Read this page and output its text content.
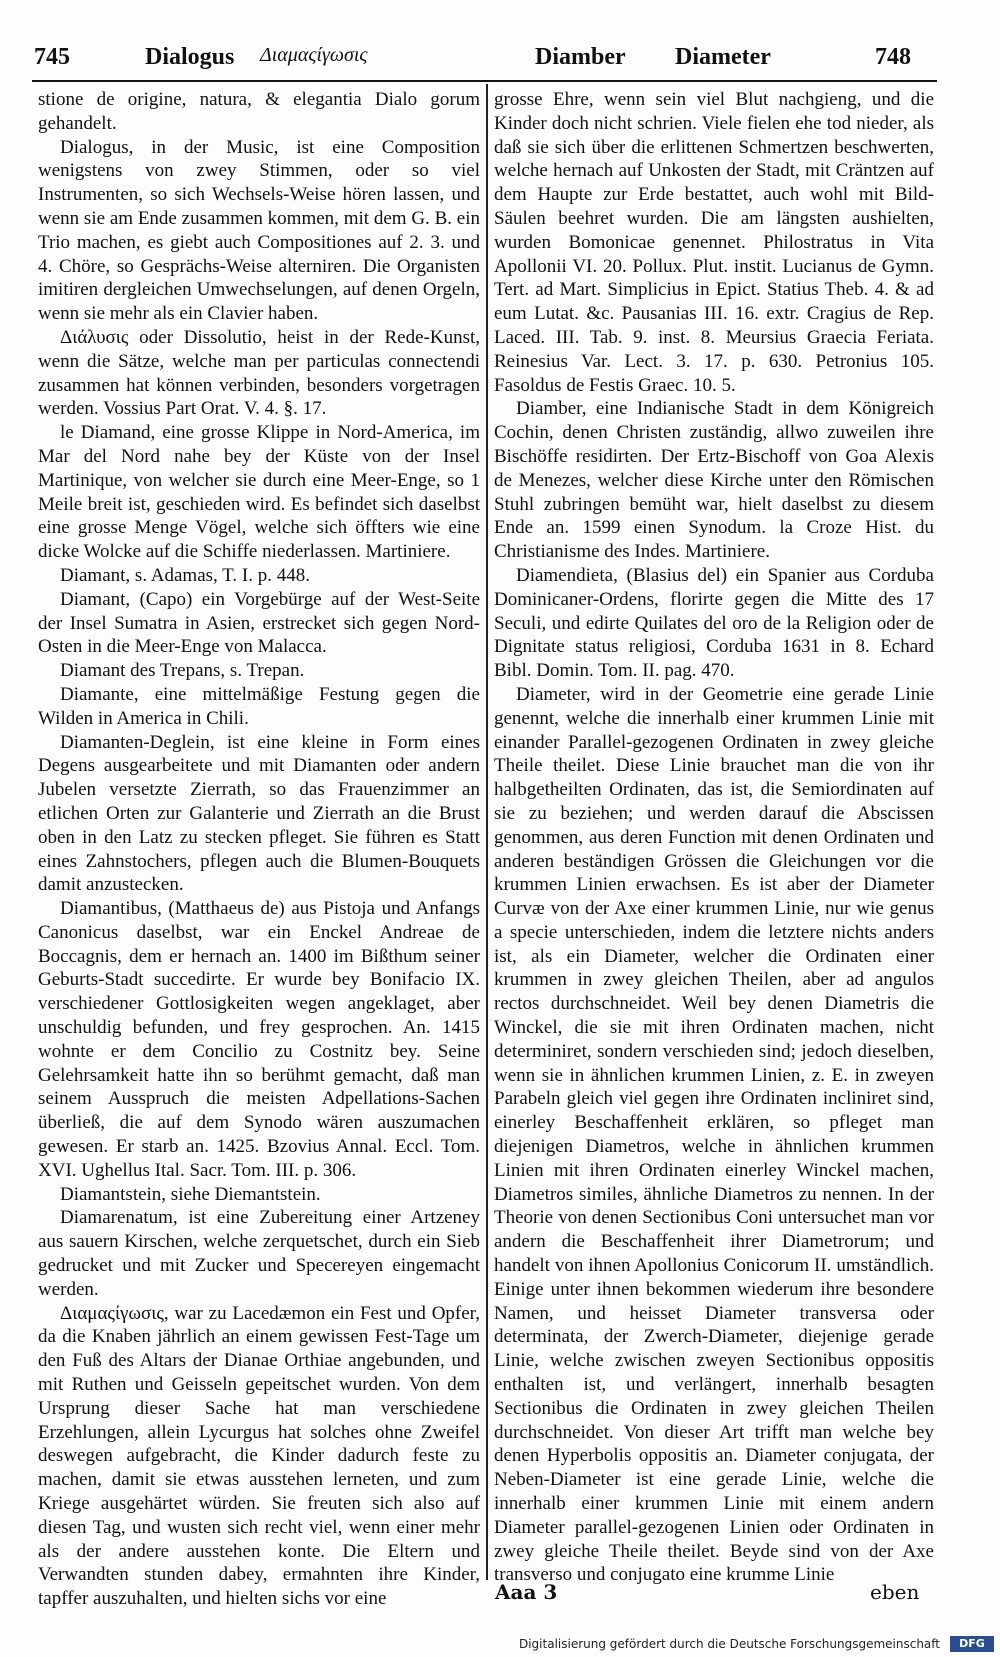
745	Dialogus Διαμαςίγωσις	Diamber Diameter	748

stione de origine, natura, & elegantia Dialo gorum gehandelt.

Dialogus, in der Music, ist eine Composition wenigstens von zwey Stimmen, oder so viel Instrumenten, so sich Wechsels-Weise hören lassen, und wenn sie am Ende zusammen kommen, mit dem G. B. ein Trio machen, es giebt auch Compositiones auf 2. 3. und 4. Chöre, so Gesprächs-Weise alterniren. Die Organisten imitiren dergleichen Umwechselungen, auf denen Orgeln, wenn sie mehr als ein Clavier haben.

Διάλυσις oder Dissolutio, heist in der Rede-Kunst, wenn die Sätze, welche man per particulas connectendi zusammen hat können verbinden, besonders vorgetragen werden. Vossius Part Orat. V. 4. §. 17.

le Diamand, eine grosse Klippe in Nord-America, im Mar del Nord nahe bey der Küste von der Insel Martinique, von welcher sie durch eine Meer-Enge, so 1 Meile breit ist, geschieden wird. Es befindet sich daselbst eine grosse Menge Vögel, welche sich öffters wie eine dicke Wolcke auf die Schiffe niederlassen. Martiniere.

Diamant, s. Adamas, T. I. p. 448.

Diamant, (Capo) ein Vorgebürge auf der West-Seite der Insel Sumatra in Asien, erstrecket sich gegen Nord-Osten in die Meer-Enge von Malacca.

Diamant des Trepans, s. Trepan.

Diamante, eine mittelmäßige Festung gegen die Wilden in America in Chili.

Diamanten-Deglein, ist eine kleine in Form eines Degens ausgearbeitete und mit Diamanten oder andern Jubelen versetzte Zierrath, so das Frauenzimmer an etlichen Orten zur Galanterie und Zierrath an die Brust oben in den Latz zu stecken pfleget. Sie führen es Statt eines Zahnstochers, pflegen auch die Blumen-Bouquets damit anzustecken.

Diamantibus, (Matthaeus de) aus Pistoja und Anfangs Canonicus daselbst, war ein Enckel Andreae de Boccagnis, dem er hernach an. 1400 im Bißthum seiner Geburts-Stadt succedirte. Er wurde bey Bonifacio IX. verschiedener Gottlosigkeiten wegen angeklaget, aber unschuldig befunden, und frey gesprochen. An. 1415 wohnte er dem Concilio zu Costnitz bey. Seine Gelehrsamkeit hatte ihn so berühmt gemacht, daß man seinem Ausspruch die meisten Adpellations-Sachen überließ, die auf dem Synodo wären auszumachen gewesen. Er starb an. 1425. Bzovius Annal. Eccl. Tom. XVI. Ughellus Ital. Sacr. Tom. III. p. 306.

Diamantstein, siehe Diemantstein.

Diamarenatum, ist eine Zubereitung einer Artzeney aus sauern Kirschen, welche zerquetschet, durch ein Sieb gedrucket und mit Zucker und Specereyen eingemacht werden.

Διαμαςίγωσις, war zu Lacedæmon ein Fest und Opfer, da die Knaben jährlich an einem gewissen Fest-Tage um den Fuß des Altars der Dianae Orthiae angebunden, und mit Ruthen und Geisseln gepeitschet wurden. Von dem Ursprung dieser Sache hat man verschiedene Erzehlungen, allein Lycurgus hat solches ohne Zweifel deswegen aufgebracht, die Kinder dadurch feste zu machen, damit sie etwas ausstehen lerneten, und zum Kriege ausgehärtet würden. Sie freuten sich also auf diesen Tag, und wusten sich recht viel, wenn einer mehr als der andere ausstehen konte. Die Eltern und Verwandten stunden dabey, ermahnten ihre Kinder, tapffer auszuhalten, und hielten sichs vor eine

grosse Ehre, wenn sein viel Blut nachgieng, und die Kinder doch nicht schrien. Viele fielen ehe tod nieder, als daß sie sich über die erlittenen Schmertzen beschwerten, welche hernach auf Unkosten der Stadt, mit Cräntzen auf dem Haupte zur Erde bestattet, auch wohl mit Bild-Säulen beehret wurden. Die am längsten aushielten, wurden Bomonicae genennet. Philostratus in Vita Apollonii VI. 20. Pollux. Plut. instit. Lucianus de Gymn. Tert. ad Mart. Simplicius in Epict. Statius Theb. 4. & ad eum Lutat. &c. Pausanias III. 16. extr. Cragius de Rep. Laced. III. Tab. 9. inst. 8. Meursius Graecia Feriata. Reinesius Var. Lect. 3. 17. p. 630. Petronius 105. Fasoldus de Festis Graec. 10. 5.

Diamber, eine Indianische Stadt in dem Königreich Cochin, denen Christen zuständig, allwo zuweilen ihre Bischöffe residirten. Der Ertz-Bischoff von Goa Alexis de Menezes, welcher diese Kirche unter den Römischen Stuhl zubringen bemüht war, hielt daselbst zu diesem Ende an. 1599 einen Synodum. la Croze Hist. du Christianisme des Indes. Martiniere.

Diamendieta, (Blasius del) ein Spanier aus Corduba Dominicaner-Ordens, florirte gegen die Mitte des 17 Seculi, und edirte Quilates del oro de la Religion oder de Dignitate status religiosi, Corduba 1631 in 8. Echard Bibl. Domin. Tom. II. pag. 470.

Diameter, wird in der Geometrie eine gerade Linie genennt, welche die innerhalb einer krummen Linie mit einander Parallel-gezogenen Ordinaten in zwey gleiche Theile theilet. Diese Linie brauchet man die von ihr halbgetheilten Ordinaten, das ist, die Semiordinaten auf sie zu beziehen; und werden darauf die Abscissen genommen, aus deren Function mit denen Ordinaten und anderen beständigen Grössen die Gleichungen vor die krummen Linien erwachsen. Es ist aber der Diameter Curvæ von der Axe einer krummen Linie, nur wie genus a specie unterschieden, indem die letztere nichts anders ist, als ein Diameter, welcher die Ordinaten einer krummen in zwey gleichen Theilen, aber ad angulos rectos durchschneidet. Weil bey denen Diametris die Winckel, die sie mit ihren Ordinaten machen, nicht determiniret, sondern verschieden sind; jedoch dieselben, wenn sie in ähnlichen krummen Linien, z. E. in zweyen Parabeln gleich viel gegen ihre Ordinaten incliniret sind, einerley Beschaffenheit erklären, so pfleget man diejenigen Diametros, welche in ähnlichen krummen Linien mit ihren Ordinaten einerley Winckel machen, Diametros similes, ähnliche Diametros zu nennen. In der Theorie von denen Sectionibus Coni untersuchet man vor andern die Beschaffenheit ihrer Diametrorum; und handelt von ihnen Apollonius Conicorum II. umständlich. Einige unter ihnen bekommen wiederum ihre besondere Namen, und heisset Diameter transversa oder determinata, der Zwerch-Diameter, diejenige gerade Linie, welche zwischen zweyen Sectionibus oppositis enthalten ist, und verlängert, innerhalb besagten Sectionibus die Ordinaten in zwey gleichen Theilen durchschneidet. Von dieser Art trifft man welche bey denen Hyperbolis oppositis an. Diameter conjugata, der Neben-Diameter ist eine gerade Linie, welche die innerhalb einer krummen Linie mit einem andern Diameter parallel-gezogenen Linien oder Ordinaten in zwey gleiche Theile theilet. Beyde sind von der Axe transverso und conjugato eine krumme Linie

Aaa 3	eben
Digitalisierung gefördert durch die Deutsche Forschungsgemeinschaft	DFG
